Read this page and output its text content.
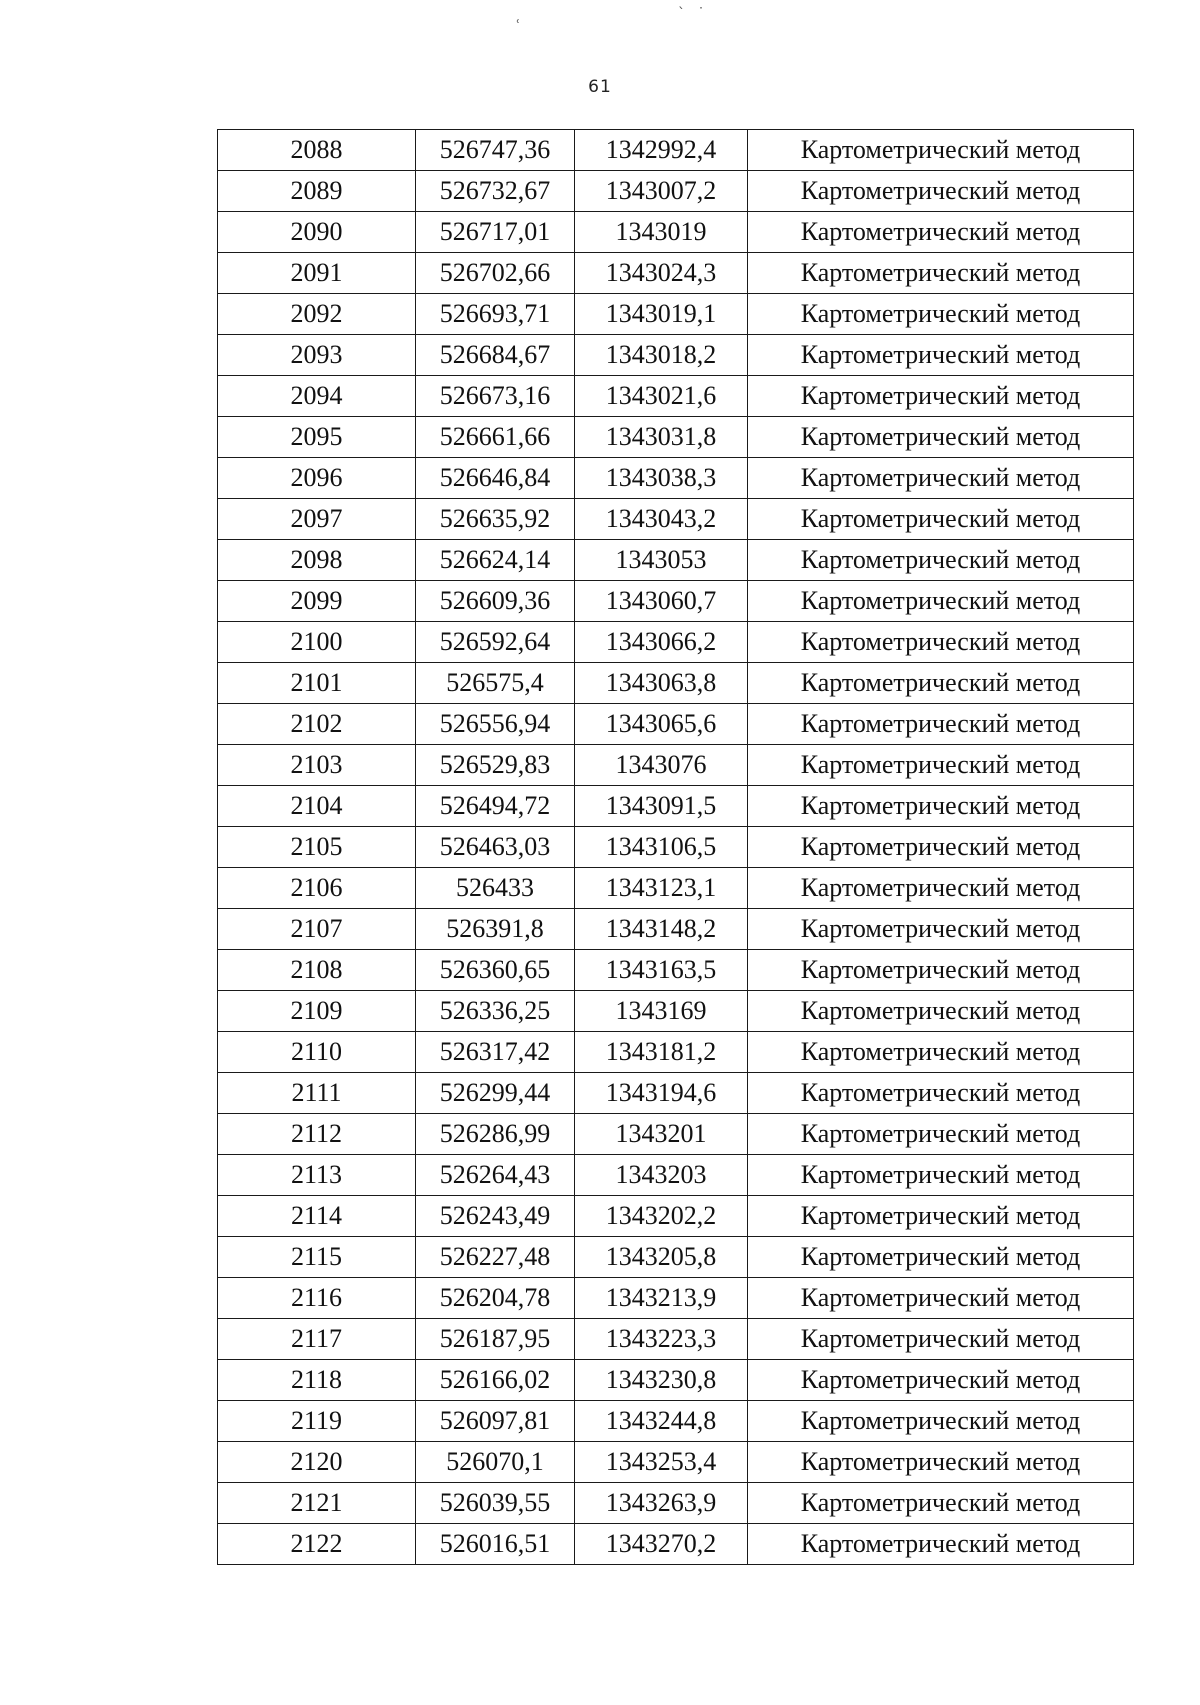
ʿ
ˋ ˙
61
2088	526747,36	1342992,4	Картометрический метод
2089	526732,67	1343007,2	Картометрический метод
2090	526717,01	1343019	Картометрический метод
2091	526702,66	1343024,3	Картометрический метод
2092	526693,71	1343019,1	Картометрический метод
2093	526684,67	1343018,2	Картометрический метод
2094	526673,16	1343021,6	Картометрический метод
2095	526661,66	1343031,8	Картометрический метод
2096	526646,84	1343038,3	Картометрический метод
2097	526635,92	1343043,2	Картометрический метод
2098	526624,14	1343053	Картометрический метод
2099	526609,36	1343060,7	Картометрический метод
2100	526592,64	1343066,2	Картометрический метод
2101	526575,4	1343063,8	Картометрический метод
2102	526556,94	1343065,6	Картометрический метод
2103	526529,83	1343076	Картометрический метод
2104	526494,72	1343091,5	Картометрический метод
2105	526463,03	1343106,5	Картометрический метод
2106	526433	1343123,1	Картометрический метод
2107	526391,8	1343148,2	Картометрический метод
2108	526360,65	1343163,5	Картометрический метод
2109	526336,25	1343169	Картометрический метод
2110	526317,42	1343181,2	Картометрический метод
2111	526299,44	1343194,6	Картометрический метод
2112	526286,99	1343201	Картометрический метод
2113	526264,43	1343203	Картометрический метод
2114	526243,49	1343202,2	Картометрический метод
2115	526227,48	1343205,8	Картометрический метод
2116	526204,78	1343213,9	Картометрический метод
2117	526187,95	1343223,3	Картометрический метод
2118	526166,02	1343230,8	Картометрический метод
2119	526097,81	1343244,8	Картометрический метод
2120	526070,1	1343253,4	Картометрический метод
2121	526039,55	1343263,9	Картометрический метод
2122	526016,51	1343270,2	Картометрический метод
